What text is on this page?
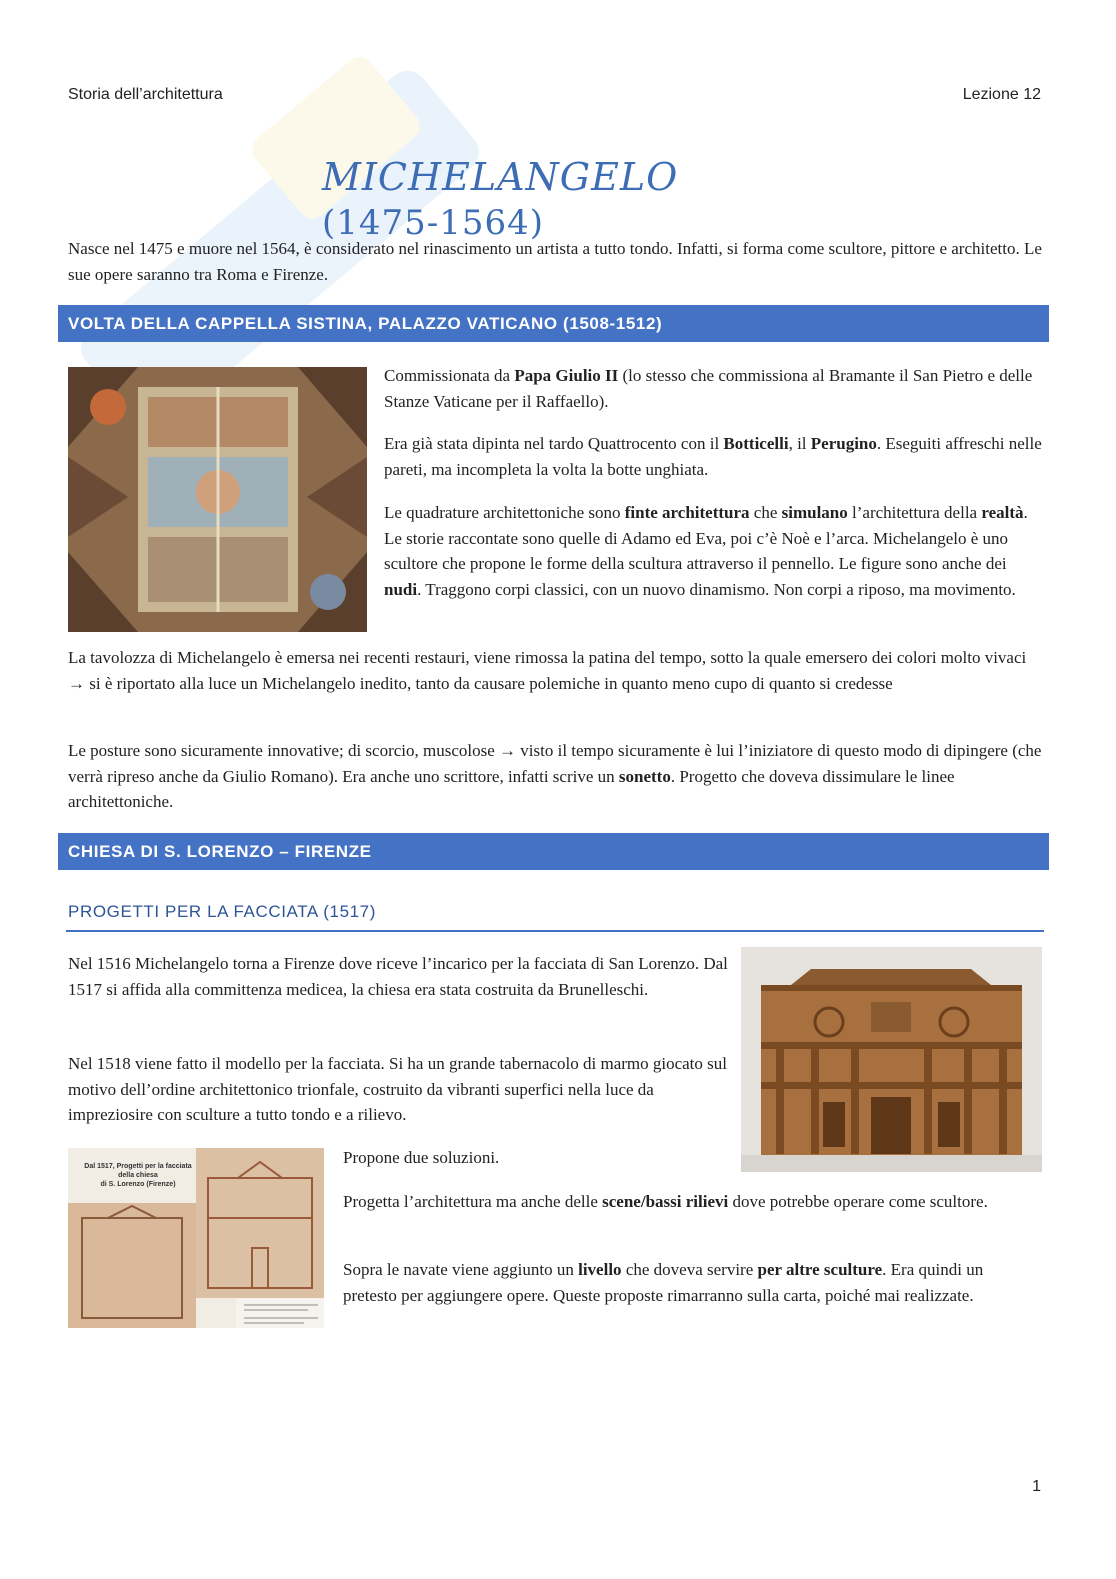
Storia dell’architettura	Lezione 12
MICHELANGELO (1475-1564)

Nasce nel 1475 e muore nel 1564, è considerato nel rinascimento un artista a tutto tondo. Infatti, si forma come scultore, pittore e architetto. Le sue opere saranno tra Roma e Firenze.

VOLTA DELLA CAPPELLA SISTINA, PALAZZO VATICANO (1508-1512)

Commissionata da Papa Giulio II (lo stesso che commissiona al Bramante il San Pietro e delle Stanze Vaticane per il Raffaello).

Era già stata dipinta nel tardo Quattrocento con il Botticelli, il Perugino. Eseguiti affreschi nelle pareti, ma incompleta la volta la botte unghiata.

Le quadrature architettoniche sono finte architettura che simulano l’architettura della realtà. Le storie raccontate sono quelle di Adamo ed Eva, poi c’è Noè e l’arca. Michelangelo è uno scultore che propone le forme della scultura attraverso il pennello. Le figure sono anche dei nudi. Traggono corpi classici, con un nuovo dinamismo. Non corpi a riposo, ma movimento.

La tavolozza di Michelangelo è emersa nei recenti restauri, viene rimossa la patina del tempo, sotto la quale emersero dei colori molto vivaci → si è riportato alla luce un Michelangelo inedito, tanto da causare polemiche in quanto meno cupo di quanto si credesse

Le posture sono sicuramente innovative; di scorcio, muscolose → visto il tempo sicuramente è lui l’iniziatore di questo modo di dipingere (che verrà ripreso anche da Giulio Romano). Era anche uno scrittore, infatti scrive un sonetto. Progetto che doveva dissimulare le linee architettoniche.

CHIESA DI S. LORENZO – FIRENZE
PROGETTI PER LA FACCIATA (1517)

Nel 1516 Michelangelo torna a Firenze dove riceve l’incarico per la facciata di San Lorenzo. Dal 1517 si affida alla committenza medicea, la chiesa era stata costruita da Brunelleschi.

Nel 1518 viene fatto il modello per la facciata. Si ha un grande tabernacolo di marmo giocato sul motivo dell’ordine architettonico trionfale, costruito da vibranti superfici nella luce da impreziosire con sculture a tutto tondo e a rilievo.

Dal 1517, Progetti per la facciata
della chiesa
di S. Lorenzo (Firenze)

Propone due soluzioni.

Progetta l’architettura ma anche delle scene/bassi rilievi dove potrebbe operare come scultore.

Sopra le navate viene aggiunto un livello che doveva servire per altre sculture. Era quindi un pretesto per aggiungere opere. Queste proposte rimarranno sulla carta, poiché mai realizzate.

1
